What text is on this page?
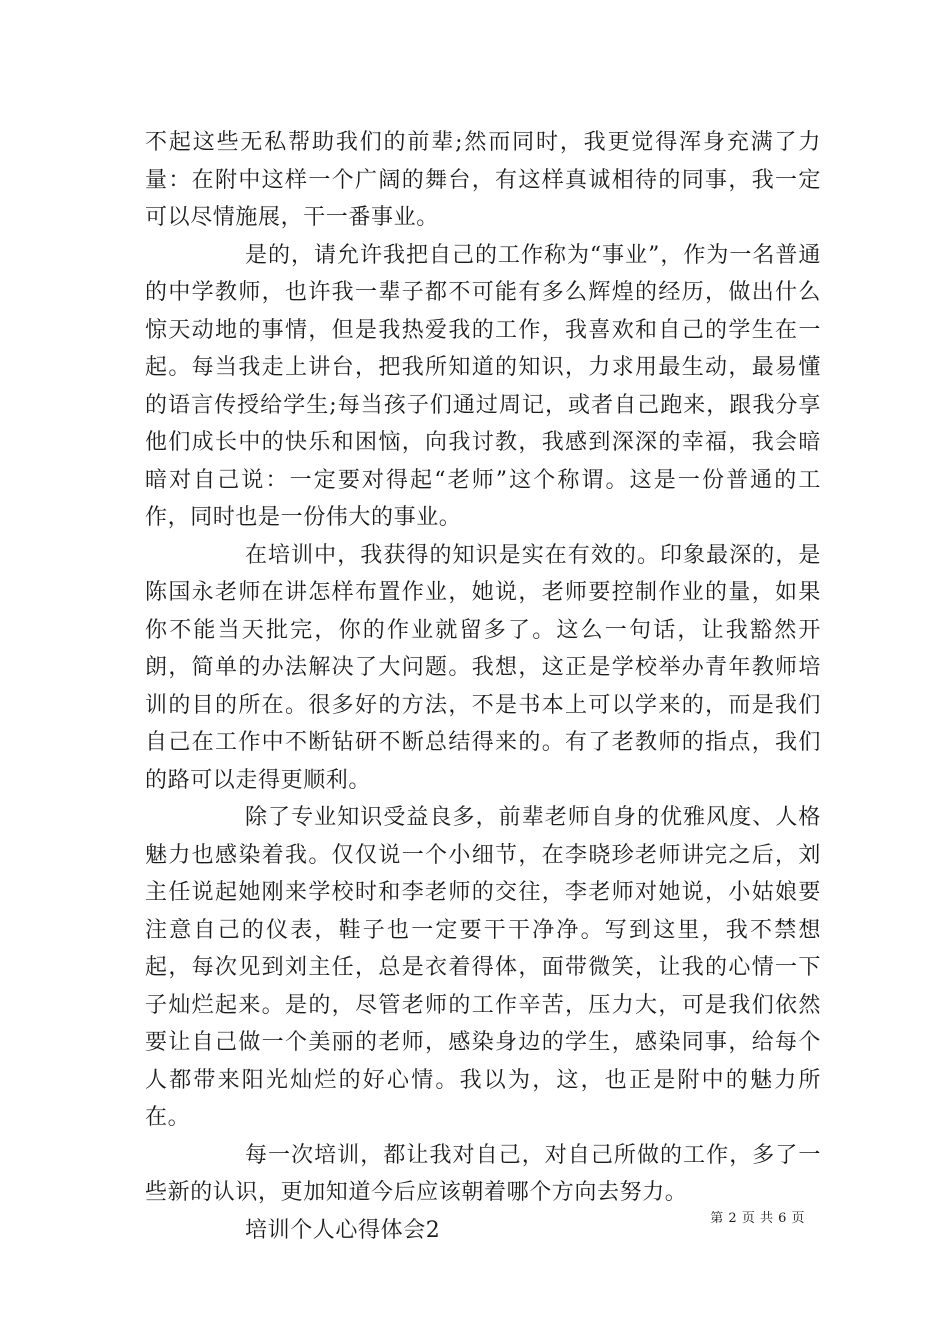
不起这些无私帮助我们的前辈;然而同时，我更觉得浑身充满了力量：在附中这样一个广阔的舞台，有这样真诚相待的同事，我一定可以尽情施展，干一番事业。

是的，请允许我把自己的工作称为“事业”，作为一名普通的中学教师，也许我一辈子都不可能有多么辉煌的经历，做出什么惊天动地的事情，但是我热爱我的工作，我喜欢和自己的学生在一起。每当我走上讲台，把我所知道的知识，力求用最生动，最易懂的语言传授给学生;每当孩子们通过周记，或者自己跑来，跟我分享他们成长中的快乐和困恼，向我讨教，我感到深深的幸福，我会暗暗对自己说：一定要对得起“老师”这个称谓。这是一份普通的工作，同时也是一份伟大的事业。

在培训中，我获得的知识是实在有效的。印象最深的，是陈国永老师在讲怎样布置作业，她说，老师要控制作业的量，如果你不能当天批完，你的作业就留多了。这么一句话，让我豁然开朗，简单的办法解决了大问题。我想，这正是学校举办青年教师培训的目的所在。很多好的方法，不是书本上可以学来的，而是我们自己在工作中不断钻研不断总结得来的。有了老教师的指点，我们的路可以走得更顺利。

除了专业知识受益良多，前辈老师自身的优雅风度、人格魅力也感染着我。仅仅说一个小细节，在李晓珍老师讲完之后，刘主任说起她刚来学校时和李老师的交往，李老师对她说，小姑娘要注意自己的仪表，鞋子也一定要干干净净。写到这里，我不禁想起，每次见到刘主任，总是衣着得体，面带微笑，让我的心情一下子灿烂起来。是的，尽管老师的工作辛苦，压力大，可是我们依然要让自己做一个美丽的老师，感染身边的学生，感染同事，给每个人都带来阳光灿烂的好心情。我以为，这，也正是附中的魅力所在。

每一次培训，都让我对自己，对自己所做的工作，多了一些新的认识，更加知道今后应该朝着哪个方向去努力。

培训个人心得体会2	第 2 页 共 6 页
